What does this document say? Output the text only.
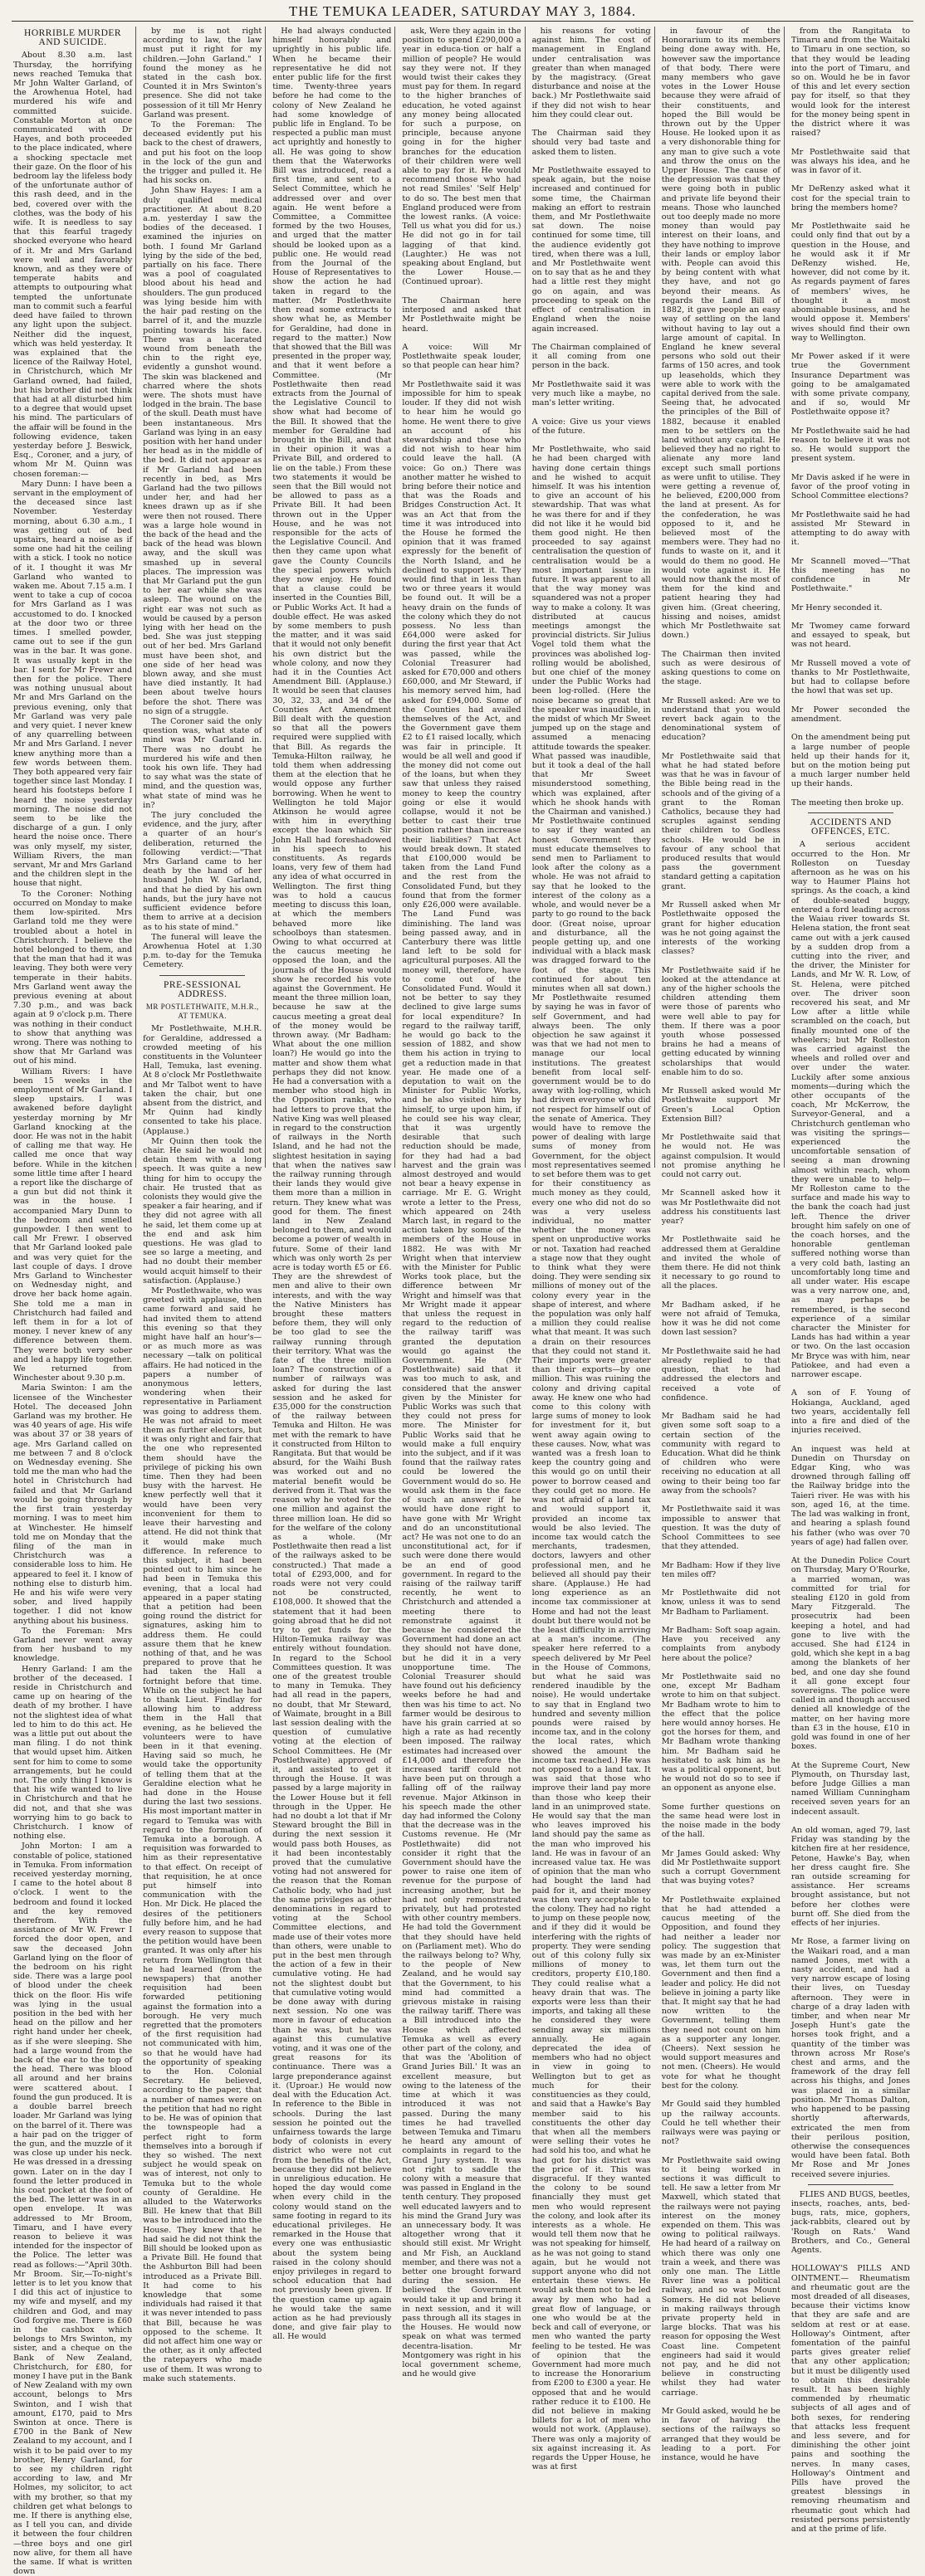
THE TEMUKA LEADER, SATURDAY MAY 3, 1884.
HORRIBLE MURDER AND SUICIDE.

About 8.30 a.m. last Thursday, the horrifying news reached Temuka that Mr John Walter Garland, of the Arowhenua Hotel, had murdered his wife and committed suicide. Constable Morton at once communicated with Dr Hayes, and both proceeded to the place indicated, where a shocking spectacle met their gaze. On the floor of his bedroom lay the lifeless body of the unfortunate author of this rash deed, and in the bed, covered over with the clothes, was the body of his wife. It is needless to say that this fearful tragedy shocked everyone who heard of it. Mr and Mrs Garland were well and favorably known, and as they were of temperate habits and attempts to outpouring what tempted the unfortunate man to commit such a fearful deed have failed to thrown any light upon the subject. Neither did the inquest, which was held yesterday. It was explained that the licence of the Railway Hotel, in Christchurch, which Mr Garland owned, had failed, but his brother did not think that had at all disturbed him to a degree that would upset his mind. The particulars of the affair will be found in the following evidence, taken yesterday before J. Beswick, Esq., Coroner, and a jury, of whom Mr M. Quinn was chosen foreman:—

Mary Dunn: I have been a servant in the employment of the deceased since last November. Yesterday morning, about 6.30 a.m., I was getting out of bed upstairs, heard a noise as if some one had hit the ceiling with a stick. I took no notice of it. I thought it was Mr Garland who wanted to waken me. About 7.15 a.m. I went to take a cup of cocoa for Mrs Garland as I was accustomed to do. I knocked at the door two or three times. I smelled powder, came out to see if the gun was in the bar. It was gone. It was usually kept in the bar. I sent for Mr Frewr and then for the police. There was nothing unusual about Mr and Mrs Garland on the previous evening, only that Mr Garland was very pale and very quiet. I never knew of any quarrelling between Mr and Mrs Garland. I never knew anything more than a few words between them. They both appeared very fair together since last Monday. I heard his footsteps before I heard the noise yesterday morning. The noise did not seem to be like the discharge of a gun. I only heard the noise once. There was only myself, my sister, William Rivers, the man servant, Mr and Mrs Garland and the children slept in the house that night.

To the Coroner: Nothing occurred on Monday to make them low-spirited. Mrs Garland told me they were troubled about a hotel in Christchurch. I believe the hotel belonged to them, and that the man that had it was leaving. They both were very temperate in their habits. Mrs Garland went away the previous evening at about 7.30 p.m., and was back again at 9 o'clock p.m. There was nothing in their conduct to show that anything was wrong. There was nothing to show that Mr Garland was out of his mind.

William Rivers: I have been 15 weeks in the employment of Mr Garland. I sleep upstairs. I was awakened before daylight yesterday morning by Mr Garland knocking at the door. He was not in the habit of calling me that way. He called me once that way before. While in the kitchen some little time after I heard a report like the discharge of a gun but did not think it was in the house. I accompanied Mary Dunn to the bedroom and smelled gunpowder. I then went to call Mr Frewr. I observed that Mr Garland looked pale and was very quiet for the last couple of days. I drove Mrs Garland to Winchester on Wednesday night, and drove her back home again. She told me a man in Christchurch had failed and left them in for a lot of money. I never knew of any difference between them. They were both very sober and led a happy life together. We returned from Winchester about 9.30 p.m.

Maria Swinton: I am the licensee of the Winchester Hotel. The deceased John Garland was my brother. He was 40 years of age. His wife was about 37 or 38 years of age. Mrs Garland called on me between 7 and 8 o'clock on Wednesday evening. She told me the man who had the hotel in Christchurch had failed and that Mr Garland would be going through by the first train yesterday morning. I was to meet him at Winchester. He himself told me on Monday that the filing of the man in Christchurch was a considerable loss to him. He appeared to feel it. I know of nothing else to disturb him. He and his wife were very sober, and lived happily together. I did not know anything about his business.

To the Foreman: Mrs Garland never went away from her husband to my knowledge.

Henry Garland: I am the brother of the deceased. I reside in Christchurch and came up on hearing of the death of my brother. I have not the slightest idea of what led to him to do this act. He was a little put out about the man filing. I do not think that would upset him. Aitken sent for him to come to some arrangements, but he could not. The only thing I know is that his wife wanted to live in Christchurch and that he did not, and that she was worrying him to go back to Christchurch. I know of nothing else.

John Morton: I am a constable of police, stationed in Temuka. From information received yesterday morning, I came to the hotel about 8 o'clock. I went to the bedroom and found it locked and the key removed therefrom. With the assistance of Mr W. Frewr I forced the door open, and saw the deceased John Garland lying on the floor of the bedroom on his right side. There was a large pool of blood under the cheek thick on the floor. His wife was lying in the usual position in the bed with her head on the pillow and her right hand under her cheek, as if she were sleeping. She had a large wound from the back of the ear to the top of the head. There was blood all around and her brains were scattered about. I found the gun produced. It is a double barrel breech loader. Mr Garland was lying on the barrel of it. There was a hair pad on the trigger of the gun, and the muzzle of it was close up under his neck. He was dressed in a dressing gown. Later on in the day I found the letter produced in his coat pocket at the foot of the bed. The letter was in an open envelope. It was addressed to Mr Broom, Timaru, and I have every reason to believe it was intended for the inspector of the Police. The letter was read as follows:—"April 30th. Mr Broom. Sir,—To-night's letter is to let you know that I did this act of injustice to my wife and myself, and my children and God, and may God forgive me. There is £60 in the cashbox which belongs to Mrs Swinton, my sister, and a cheque on the Bank of New Zealand, Christchurch, for £80, for money I have put in the Bank of New Zealand with my own account, belongs to Mrs Swinton, and I wish that amount, £170, paid to Mrs Swinton at once. There is £700 in the Bank of New Zealand to my account, and I wish it to be paid over to my brother, Henry Garland, for to see my children right according to law, and Mr Holmes, my solicitor, to act with my brother, so that my children get what belongs to me. If there is anything else, as I tell you can, and divide it between the four children —three boys and one girl now alive, for them all have the same. If what is written down

by me is not right according to law, the law must put it right for my children.—John Garland." I found the money as he stated in the cash box. Counted it in Mrs Swinton's presence. She did not take possession of it till Mr Henry Garland was present.

To the Foreman: The deceased evidently put his back to the chest of drawers, and put his foot on the loop in the lock of the gun and the trigger and pulled it. He had his socks on.

John Shaw Hayes: I am a duly qualified medical practitioner. At about 8.20 a.m. yesterday I saw the bodies of the deceased. I examined the injuries on both. I found Mr Garland lying by the side of the bed, partially on his face. There was a pool of coagulated blood about his head and shoulders. The gun produced was lying beside him with the hair pad resting on the barrel of it, and the muzzle pointing towards his face. There was a lacerated wound from beneath the chin to the right eye, evidently a gunshot wound. The skin was blackened and charred where the shots were. The shots must have lodged in the brain. The base of the skull. Death must have been instantaneous. Mrs Garland was lying in an easy position with her hand under her head as in the middle of the bed. It did not appear as if Mr Garland had been recently in bed, as Mrs Garland had the two pillows under her, and had her knees drawn up as if she were then not roused. There was a large hole wound in the back of the head and the back of the head was blown away, and the skull was smashed up in several places. The impression was that Mr Garland put the gun to her ear while she was asleep. The wound on the right ear was not such as would be caused by a person lying with her head on the bed. She was just stepping out of her bed. Mrs Garland must have been shot, and one side of her head was blown away, and she must have died instantly. It had been about twelve hours before the shot. There was no sign of a struggle.

The Coroner said the only question was, what state of mind was Mr Garland in. There was no doubt he murdered his wife and then took his own life. They had to say what was the state of mind, and the question was, what state of mind was he in?

The jury concluded the evidence, and the jury, after a quarter of an hour's deliberation, returned the following verdict:—"That Mrs Garland came to her death by the hand of her husband John W. Garland, and that he died by his own hands, but the jury have not sufficient evidence before them to arrive at a decision as to his state of mind."

The funeral will leave the Arowhenua Hotel at 1.30 p.m. to-day for the Temuka Cemetery.

PRE-SESSIONAL ADDRESS.
MR POSTLETHWAITE, M.H.R., AT TEMUKA.

Mr Postlethwaite, M.H.R. for Geraldine, addressed a crowded meeting of his constituents in the Volunteer Hall, Temuka, last evening. At 8 o'clock Mr Postlethwaite and Mr Talbot went to have taken the chair, but one absent from the district, and Mr Quinn had kindly consented to take his place. (Applause.)

Mr Quinn then took the chair. He said he would not detain them with a long speech. It was quite a new thing for him to occupy the chair. He trusted that as colonists they would give the speaker a fair hearing, and if they did not agree with all he said, let them come up at the end and ask him questions. He was glad to see so large a meeting, and had no doubt their member would acquit himself to their satisfaction. (Applause.)

Mr Postlethwaite, who was greeted with applause, then came forward and said he had invited them to attend this evening so that they might have half an hour's—or as much more as was necessary —talk on political affairs. He had noticed in the papers a number of anonymous letters, wondering when their representative in Parliament was going to address them. He was not afraid to meet them as further electors, but it was only right and fair that the one who represented them should have the privilege of picking his own time. Then they had been busy with the harvest. He knew perfectly well that it would have been very inconvenient for them to leave their harvesting and attend. He did not think that it would make much difference. In reference to this subject, it had been pointed out to him since he had been in Temuka this evening, that a local had appeared in a paper stating that a petition had been going round the district for signatures, asking him to address them. He could assure them that he knew nothing of that, and he was prepared to prove that he had taken the Hall a fortnight before that time. While on the subject he had to thank Lieut. Findlay for allowing him to address them in the Hall that evening, as he believed the volunteers were to have been in it that evening. Having said so much, he would take the opportunity of telling them that at the Geraldine election what he had done in the House during the last two sessions. His most important matter in regard to Temuka was with regard to the formation of Temuka into a borough. A requisition was forwarded to him as their representative to that effect. On receipt of that requisition, he at once put himself into communication with the Hon. Mr Dick. He placed the desires of the petitioners fully before him, and he had every reason to suppose that the petition would have been granted. It was only after his return from Wellington that he had learned (from the newspapers) that another requisition had been forwarded petitioning against the formation into a borough. He very much regretted that the promoters of the first requisition had not communicated with him, so that he would have had the opportunity of speaking to the Hon. Colonial Secretary. He believed, according to the paper, that a number of names were on the petition that had no right to be. He was of opinion that the townspeople had a perfect right to form themselves into a borough if they so wished. The next subject he would speak on was of interest, not only to Temuka but to the whole county of Geraldine. He alluded to the Waterworks Bill. He knew that that Bill was to be introduced into the House. They knew that he had said he did not think the Bill should be looked upon as a Private Bill. He found that the Ashburton Bill had been introduced as a Private Bill. It had come to his knowledge that some individuals had raised it that it was never intended to pass that Bill, because he was opposed to the scheme. It did not affect him one way or the other, as it only affected the ratepayers who made use of them. It was wrong to make such statements.

He had always conducted himself honorably and uprightly in his public life. When he became their representative he did not enter public life for the first time. Twenty-three years before he had come to the colony of New Zealand he had some knowledge of public life in England. To be respected a public man must act uprightly and honestly to all. He was going to show them that the Waterworks Bill was introduced, read a first time, and sent to a Select Committee, which he addressed over and over again. He went before a Committee, a Committee formed by the two Houses, and urged that the matter should be looked upon as a public one. He would read from the Journal of the House of Representatives to show the action he had taken in regard to the matter. (Mr Postlethwaite then read some extracts to show what he, as Member for Geraldine, had done in regard to the matter.) Now that showed that the Bill was presented in the proper way, and that it went before a Committee. (Mr Postlethwaite then read extracts from the Journal of the Legislative Council to show what had become of the Bill. It showed that the member for Geraldine had brought in the Bill, and that in their opinion it was a Private Bill, and ordered to lie on the table.) From these two statements it would be seen that the Bill would not be allowed to pass as a Private Bill. It had been thrown out in the Upper House, and he was not responsible for the acts of the Legislative Council. And then they came upon what gave the County Councils the special powers which they now enjoy. He found that a clause could be inserted in the Counties Bill, or Public Works Act. It had a double effect. He was asked by some members to push the matter, and it was said that it would not only benefit his own district but the whole colony, and now they had it in the Counties Act Amendment Bill. (Applause.) It would be seen that clauses 30, 32, 33, and 34 of the Counties Act Amendment Bill dealt with the question so that all the powers required were supplied with that Bill. As regards the Temuka-Hilton railway, he told them when addressing them at the election that he would oppose any further borrowing. When he went to Wellington he told Major Atkinson he would agree with him in everything except the loan which Sir John Hall had foreshadowed in his speech to his constituents. As regards loans, very few of them had any idea of what occurred in Wellington. The first thing was to hold a caucus meeting to discuss this loan, at which the members behaved more like schoolboys than statesmen. Owing to what occurred at the caucus meeting he opposed the loan, and the journals of the House would show he recorded his vote against the Government. He meant the three million loan, because he saw at the caucus meeting a great deal of the money would be thrown away. (Mr Badham: What about the one million loan?) He would go into the matter and show them what perhaps they did not know. He had a conversation with a member who stood high in the Opposition ranks, who had letters to prove that the Native King was well pleased in regard to the construction of railways in the North Island, and he had not the slightest hesitation in saying that when the natives saw the railway running through their lands they would give them more than a million in return. They knew what was good for them. The finest land in New Zealand belonged to them, and would become a power of wealth in future. Some of their land which was only worth 2s per acre is today worth £5 or £6. They are the shrewdest of men and alive to their own interests, and with the way the Native Ministers has brought these matters before them, they will only be too glad to see the railway running through their territory. What was the fate of the three million loan? The construction of a number of railways was asked for during the last session and he asked for £35,000 for the construction of the railway between Temuka and Hilton. He was met with the remark to have it constructed from Hilton to Rangitata. But that would be absurd, for the Waihi Bush was worked out and no material benefit would be derived from it. That was the reason why he voted for the one million and against the three million loan. He did so for the welfare of the colony as a whole. (Mr Postlethwaite then read a list of the railways asked to be constructed.) That made a total of £293,000, and for roads were not very could not be constructed, £108,000. It showed that the statement that it had been going abroad that he did not try to get funds for the Hilton-Temuka railway was entirely without foundation. In regard to the School Committees question. It was one of the greatest trouble to many in Temuka. They had all read in the papers, no doubt, that Mr Steward, of Waimate, brought in a Bill last session dealing with the question of cumulative voting at the election of School Committees. He (Mr Postlethwaite) approved of it, and assisted to get it through the House. It was passed by a large majority in the Lower House but it fell through in the Upper. He had no doubt a lot that if Mr Steward brought the Bill in during the next session it would pass both Houses, as it had been incontestably proved that the cumulative voting had not answered for the reason that the Roman Catholic body, who had just the same privileges as other denominations in regard to voting at the School Committee elections, and made use of their votes more than others, were unable to put in the best men through the action of a few in their cumulative voting. He had not the slightest doubt but that cumulative voting would be done away with during next session. No one was more in favour of education than he was, but he was against this cumulative voting, and it was one of the great reasons for its continuance. There was a large preponderance against it. (Uproar.) He would now deal with the Education Act. In reference to the Bible in schools. During the last session he pointed out the unfairness towards the large body of colonists in every district who were not cut from the benefits of the Act, because they did not believe in unreligious education. He hoped the day would come when every child in the colony would stand on the same footing in regard to its educational privileges. He remarked in the House that every one was enthusiastic about the system being raised in the colony should enjoy privileges in regard to school education that had not previously been given. If the question came up again he would take the same action as he had previously done, and give fair play to all. He would

ask, Were they again in the position to spend £290,000 a year in educa-tion or half a million of people? He would say they were not. If they would twist their cakes they must pay for them. In regard to the higher branches of education, he voted against any money being allocated for such a purpose, on principle, because anyone going in for the higher branches for the education of their children were well able to pay for it. He would recommend those who had not read Smiles' 'Self Help' to do so. The best men that England produced were from the lowest ranks. (A voice: Tell us what you did for us.) He did not go in for tail lagging of that kind. (Laughter.) He was not speaking about England, but the Lower House.—(Continued uproar).

The Chairman here interposed and asked that Mr Postlethwaite might be heard.

A voice: Will Mr Postlethwaite speak louder, so that people can hear him?

Mr Postlethwaite said it was impossible for him to speak louder. If they did not wish to hear him he would go home. He went there to give an account of his stewardship and those who did not wish to hear him could leave the hall. (A voice: Go on.) There was another matter he wished to bring before their notice and that was the Roads and Bridges Construction Act. It was an Act that from the time it was introduced into the House he formed the opinion that it was framed expressly for the benefit of the North Island, and he declined to support it. They would find that in less than two or three years it would be found out. It will be a heavy drain on the funds of the colony which they do not possess. No less than £64,000 were asked for during the first year that Act was passed, while the Colonial Treasurer had asked for £70,000 and others £60,000, and Mr Steward, if his memory served him, had asked for £94,000. Some of the Counties had availed themselves of the Act, and the Government gave them £2 to £1 raised locally, which was fair in principle. It would be all well and good if the money did not come out of the loans, but when they saw that unless they raised money to keep the country going or else it would collapse, would it not be better to cast their true position rather than increase their liabilities? That Act would break down. It stated that £100,000 would be taken from the Land Fund and the rest from the Consolidated Fund, but they found that from the former only £26,000 were available. The Land Fund was diminishing. The land was being passed away, and in Canterbury there was little land left to be sold for agricultural purposes. All the money will, therefore, have to come out of the Consolidated Fund. Would it not be better to say they declined to give large sums for local expenditure? In regard to the railway tariff, he would go back to the session of 1882, and show them his action in trying to get a reduction made in that year. He made one of a deputation to wait on the Minister for Public Works, and he also visited him by himself, to urge upon him, if he could see his way clear, that it was urgently desirable that such reduction should be made, for they had had a bad harvest and the grain was almost destroyed and would not bear a heavy expense in carriage. Mr E. G. Wright wrote a letter to the Press, which appeared on 24th March last, in regard to the action taken by some of the members of the House in 1882. He was with Mr Wright when that interview with the Minister for Public Works took place, but the difference between Mr Wright and himself was that Mr Wright made it appear that unless the request in regard to the reduction of the railway tariff was granted the deputation would go against the Government. He (Mr Postlethwaite) said that it was too much to ask, and considered that the answer given by the Minister for Public Works was such that they could not press for more. The Minister for Public Works said that he would make a full enquiry into the subject, and if it was found that the railway rates could be lowered the Government would do so. He would ask them in the face of such an answer if he would have done right to have gone with Mr Wright and do an unconstitutional act? He was not one to do an unconstitutional act, for if such were done there would be an end of good government. In regard to the raising of the railway tariff recently, he went to Christchurch and attended a meeting there to remonstrate against it because he considered the Government had done an act they should not have done, but he did it in a very unopportune time. The Colonial Treasurer should have found out his deficiency weeks before he had and then was his time to act. No farmer would be desirous to have his grain carried at so high a rate as had recently been imposed. The railway estimates had increased over £14,000 and therefore the increased tariff could not have been put on through a falling off of the railway revenue. Major Atkinson in his speech made the other day had informed the Colony that the decrease was in the Customs revenue. He (Mr Postlethwaite) did not consider it right that the Government should have the power to raise one item of revenue for the purpose of increasing another, but he had not only remonstrated privately, but had protested with other country members. He had told the Government that they should have held on (Parliament met). Who do the railways belong to? Why, to the people of New Zealand, and he would say that the Government, to his mind had committed a grievous mistake in raising the railway tariff. There was a Bill introduced into the House which affected Temuka as well as every other part of the colony, and that was the 'Abolition of Grand Juries Bill.' It was an excellent measure, but owing to the lateness of the time at which it was introduced it was not passed. During the many times he had travelled between Temuka and Timaru he heard any amount of complaints in regard to the Grand Jury system. It was not right to saddle the colony with a measure that was passed in England in the tenth century. They proposed well educated lawyers and to his mind the Grand Jury was an unnecessary body. It was altogether wrong that it should still exist. Mr Wright and Mr Fish, an Auckland member, and there was not a better one brought forward during the session. He believed the Government would take it up and bring it in next session, and it will pass through all its stages in the Houses. He would now speak on what was termed decentra-lisation. Mr Montgomery was right in his local government scheme, and he would give

his reasons for voting against him. The cost of management in England under centralisation was greater than when managed by the magistracy. (Great disturbance and noise at the back.) Mr Postlethwaite said if they did not wish to hear him they could clear out.

The Chairman said they should very bad taste and asked them to listen.

Mr Postlethwaite essayed to speak again, but the noise increased and continued for some time, the Chairman making an effort to restrain them, and Mr Postlethwaite sat down. The noise continued for some time, till the audience evidently got tired, when there was a lull, and Mr Postlethwaite went on to say that as he and they had a little rest they might go on again, and was proceeding to speak on the effect of centralisation in England when the noise again increased.

The Chairman complained of it all coming from one person in the back.

Mr Postlethwaite said it was very much like a maybe, no man's letter writing.

A voice: Give us your views of the future.

Mr Postlethwaite, who said he had been charged with having done certain things and he wished to acquit himself. It was his intention to give an account of his stewardship. That was what he was there for and if they did not like it he would bid them good night. He then proceeded to say against centralisation the question of centralisation would be a most important issue in future. It was apparent to all that the way money was squandered was not a proper way to make a colony. It was distributed at caucus meetings amongst the provincial districts. Sir Julius Vogel told them what the provinces was abolished log-rolling would be abolished, but one chief of the money under the Public Works had been log-rolled. (Here the noise became so great that the speaker was inaudible, in the midst of which Mr Sweet jumped up on the stage and assumed a menacing attitude towards the speaker. What passed was inaudible, but it took a deal of the hall that Mr Sweet misunderstood something, which was explained, after which he shook hands with the Chairman and vanished.) Mr Postlethwaite continued to say if they wanted an honest Government they must educate themselves to send men to Parliament to look after the colony as a whole. He was not afraid to say that he looked to the interest of the colony as a whole, and would never be a party to go round to the back door. (Great noise, uproar and disturbance, all the people getting up, and one individual with a black mask was dragged forward to the foot of the stage. This continued for about ten minutes when all sat down.) Mr Postlethwaite resumed by saying he was in favor of self Government, and had always been. The only objection he saw against it was that we had not men to manage our local institutions. The greatest benefit from local self-government would be to do away with log-rolling, which had driven everyone who did not respect for himself out of the senate of America. They would have to remove the power of dealing with large sums of money from Government, for the object most representatives seemed to set before them was to get for their constituency as much money as they could, every one who did not do so was a very useless individual, no matter whether the money was spent on unproductive works or not. Taxation had reached a stage now that they ought to think what they were doing. They were sending six millions of money out of the colony every year in the shape of interest, and where the population was only half a million they could realise what that meant. It was such a drain on their resources that they could not stand it. Their imports were greater than their exports—by one million. This was ruining the colony and driving capital away. He knew one who had come to this colony with large sums of money to look for investment for it, but went away again owing to these causes. Now, what was wanted was a fresh loan to keep the country going and this would go on until their power to borrow ceased and they could get no more. He was not afraid of a land tax and would support it, provided an income tax would be also levied. The income tax would catch the merchants, tradesmen, doctors, lawyers and other professional men, and he believed all should pay their share. (Applause.) He had long experience as an income tax commissioner at Home and had not the least doubt but there would not be the least difficulty in arriving at a man's income. (The speaker here referred to a speech delivered by Mr Peel in the House of Commons, but what he said was rendered inaudible by the noise). He would undertake to say that in England two hundred and seventy million pounds were raised by income tax, and in the colony the local rates, which showed the amount the income tax reached.) He was not opposed to a land tax. It was said that those who improve their land pay more than those who keep their land in an unimproved state. He would say that the man who leaves improved his land should pay the same as the man who improved his land. He was in favour of an increased value tax. He was of opinion that the man who had bought the land had paid for it, and their money was then very acceptable to the colony. They had no right to jump on these people now, and if they did it would be interfering with the rights of property. They were sending out of this colony fully six millions of money to creditors, property £10,180. They could realise what a heavy drain that was. The exports were less than their imports, and taking all these he considered they were sending away six millions annually. He again deprecated the idea of members who had no object in view in going to Wellington but to get as much for their constituencies as they could, and said that a Hawke's Bay member said to his constituents the other day that when all the members were selling their votes he had sold his too, and what he had got for his district was the price of it. This was disgraceful. If they wanted the colony to be sound financially they must get men who would represent the colony, and look after its interests as a whole. He would tell them now that he was not speaking for himself, as he was not going to stand again, but he would not support anyone who did not entertain these views. He would ask them not to be led away by men who had a great flow of language, or one who would be at the beck and call of everyone, or men who wanted the party feeling to be tested. He was of opinion that the Government had more much to increase the Honorarium from £200 to £300 a year. He opposed that and he would rather reduce it to £100. He did not believe in making billets for a lot of men who would not work. (Applause). There was only a majority of six against increasing it. As regards the Upper House, he was at first

in favour of the Honorarium to its members being done away with. He, however saw the importance of that body. There were many members who gave votes in the Lower House because they were afraid of their constituents, and hoped the Bill would be thrown out by the Upper House. He looked upon it as a very dishonorable thing for any man to give such a vote and throw the onus on the Upper House. The cause of the depression was that they were going both in public and private life beyond their means. Those who launched out too deeply made no more money than would pay interest on their loans, and they have nothing to improve their lands or employ labor with. People can avoid this by being content with what they have, and not go beyond their means. As regards the Land Bill of 1882, it gave people an easy way of settling on the land without having to lay out a large amount of capital. In England he knew several persons who sold out their farms of 150 acres, and took up leaseholds, which they were able to work with the capital derived from the sale. Seeing that, he advocated the principles of the Bill of 1882, because it enabled men to be settlers on the land without any capital. He believed they had no right to alienate any more land except such small portions as were unfit to utilise. They were getting a revenue of, he believed, £200,000 from the land at present. As for the confederation, he was opposed to it, and he believed most of the members were. They had no funds to waste on it, and it would do them no good. He would vote against it. He would now thank the most of them for the kind and patient hearing they had given him. (Great cheering, hissing and noises, amidst which Mr Postlethwaite sat down.)

The Chairman then invited such as were desirous of asking questions to come on the stage.

Mr Russell asked: Are we to understand that you would revert back again to the denominational system of education?

Mr Postlethwaite said that what he had stated before was that he was in favour of the Bible being read in the schools and of the giving of a grant to the Roman Catholics, because they had scruples against sending their children to Godless schools. He would be in favour of any school that produced results that would pass the government standard getting a capitation grant.

Mr Russell asked when Mr Postlethwaite opposed the grant for higher education was he not going against the interests of the working classes?

Mr Postlethwaite said if he looked at the attendance at any of the higher schools the children attending them were those of parents who were well able to pay for them. If there was a poor youth whose possessed brains he had a means of getting educated by winning scholarships that would enable him to do so.

Mr Russell asked would Mr Postlethwaite support Mr Green's Local Option Extension Bill?

Mr Postlethwaite said that he would not. He was against compulsion. It would not promise anything he could not carry out.

Mr Scannell asked how it was Mr Postlethwaite did not address his constituents last year?

Mr Postlethwaite said he addressed them at Geraldine and invited the whole of them there. He did not think it necessary to go round to all the places.

Mr Badham asked, if he were not afraid of Temuka, how it was he did not come down last session?

Mr Postlethwaite said he had already replied to that question, that he had addressed the electors and received a vote of confidence.

Mr Badham said he had given some soft soap to a certain section of the community with regard to Education. What did he think of children who were receiving no education at all owing to their being too far away from the schools?

Mr Postlethwaite said it was impossible to answer that question. It was the duty of School Committees to see that they attended.

Mr Badham: How if they live ten miles off?

Mr Postlethwaite did not know, unless it was to send Mr Badham to Parliament.

Mr Badham: Soft soap again. Have you received any complaints from anybody here about the police?

Mr Postlethwaite said no one, except Mr Badham wrote to him on that subject. Mr Badham wrote to him to the effect that the police here would annoy horses. He got the horses for them, and Mr Badham wrote thanking him. Mr Badham said he hesitated to ask him as he was a political opponent, but he would not do so to see if an opponent as anyone else.

Some further questions on the same head were lost in the noise made in the body of the hall.

Mr James Gould asked: Why did Mr Postlethwaite support such a corrupt Government that was buying votes?

Mr Postlethwaite explained that he had attended a caucus meeting of the Opposition, and found they had neither a leader nor policy. The suggestion that was made by an ex-Minister was, let them turn out the Government and then find a leader and policy. He did not believe in joining a party like that. It might say that he had now written to the Government, telling them they need not count on him as a supporter any longer. (Cheers). Next session he would support measures and not men. (Cheers). He would vote for what he thought best for the colony.

Mr Gould said they humbled up the railway accounts. Could he tell whether their railways were was paying or not?

Mr Postlethwaite said owing to it being worked in sections it was difficult to tell. He saw a letter from Mr Maxwell, which stated that the railways were not paying interest on the money expended on them. This was owing to political railways. He had heard of a railway on which there was only one train a week, and there was only one man. The Little River line was a political railway, and so was Mount Somers. He did not believe in making railways through private property held in large blocks. That was his reason for opposing the West Coast line. Competent engineers had said it would not pay, and he did not believe in constructing whilst they had water carriage.

Mr Gould asked, would he be in favor of having the sections of the railways so arranged that they would be leading to a port. For instance, would he have

from the Rangitata to Timaru and from the Waitaki to Timaru in one section, so that they would be leading into the port of Timaru, and so on. Would he be in favor of this and let every section pay for itself, so that they would look for the interest for the money being spent in the district where it was raised?

Mr Postlethwaite said that was always his idea, and he was in favor of it.

Mr DeRenzy asked what it cost for the special train to bring the members home?

Mr Postlethwaite said he could only find that out by a question in the House, and he would ask it if Mr DeRenzy wished. He, however, did not come by it. As regards payment of fares of members' wives, he thought it a most abominable business, and he would oppose it. Members' wives should find their own way to Wellington.

Mr Power asked if it were true the Government Insurance Department was going to be amalgamated with some private company, and if so, would Mr Postlethwaite oppose it?

Mr Postlethwaite said he had reason to believe it was not so. He would support the present system.

Mr Davis asked if he were in favor of the proof voting in School Committee elections?

Mr Postlethwaite said he had assisted Mr Steward in attempting to do away with it.

Mr Scannell moved—"That this meeting has no confidence in Mr Postlethwaite."

Mr Henry seconded it.

Mr Twomey came forward and essayed to speak, but was not heard.

Mr Russell moved a vote of thanks to Mr Postlethwaite, but had to collapse before the howl that was set up.

Mr Power seconded the amendment.

On the amendment being put a large number of people held up their hands for it, but on the motion being put a much larger number held up their hands.

The meeting then broke up.

ACCIDENTS AND OFFENCES, ETC.

A serious accident occurred to the Hon. Mr Rolleston on Tuesday afternoon as he was on his way to Haumer Plains hot springs. As the coach, a kind of double-seated buggy, entered a ford leading across the Waiau river towards St. Helena station, the front seat came out with a jerk caused by a sudden drop from a cutting into the river, and the driver, the Minister for Lands, and Mr W. R. Low, of St. Helena, were pitched over. The driver soon recovered his seat, and Mr Low after a little while scrambled on the coach, but finally mounted one of the wheelers; but Mr Rolleston was carried against the wheels and rolled over and over under the water. Luckily after some anxious moments—during which the other occupants of the coach, Mr McKerrow, the Surveyor-General, and a Christchurch gentleman who was visiting the springs—experienced the uncomfortable sensation of seeing a man drowning almost within reach, whom they were unable to help—Mr Rolleston came to the surface and made his way to the bank the coach had just left. Thence the driver brought him safely on one of the coach horses, and the honorable gentleman suffered nothing worse than a very cold bath, lasting an uncomfortably long time and all under water. His escape was a very narrow one, and, as may perhaps be remembered, is the second experience of a similar character the Minister for Lands has had within a year or two. On the last occasion Mr Bryce was with him, near Patiokee, and had even a narrower escape.

A son of F. Young of Hokianga, Auckland, aged two years, accidentally fell into a fire and died of the injuries received.

An inquest was held at Dunedin on Thursday on Edgar King, who was drowned through falling off the Railway bridge into the Taieri river. He was with his son, aged 16, at the time. The lad was walking in front, and hearing a splash found his father (who was over 70 years of age) had fallen over.

At the Dunedin Police Court on Thursday, Mary O'Rourke, a married woman, was committed for trial for stealing £120 in gold from Mary Fitzgerald. The prosecutrix had been keeping a hotel, and had gone to live with the accused. She had £124 in gold, which she kept in a bag among the blankets of her bed, and one day she found it all gone except four sovereigns. The police were called in and though accused denied all knowledge of the matter, on her having more than £3 in the house, £10 in gold was found in one of her boxes.

At the Supreme Court, New Plymouth, on Thursday last, before Judge Gillies a man named William Cunningham received seven years for an indecent assault.

An old woman, aged 79, last Friday was standing by the kitchen fire at her residence, Petone, Hawke's Bay, when her dress caught fire. She ran outside screaming for assistance. Her screams brought assistance, but not before her clothes were burnt off. She died from the effects of her injuries.

Mr Rose, a farmer living on the Waikari road, and a man named Jones, met with a nasty accident, and had a very narrow escape of losing their lives, on Tuesday afternoon. They were in charge of a dray laden with timber, and when near Mr Joseph Hunt's gate the horses took fright, and a quantity of the timber was thrown across Mr Rose's chest and arms, and the framework of the dray fell across his thighs, and Jones was placed in a similar position. Mr Thomas Dalton, who happened to be passing shortly afterwards, extricated the men from their perilous position, otherwise the consequences would have been fatal. Both Mr Rose and Mr Jones received severe injuries.

FLIES AND BUGS, beetles, insects, roaches, ants, bed-bugs, rats, mice, gophers, jack-rabbits, cleared out by 'Rough on Rats.' Wand Brothers, and Co., General Agents.

HOLLOWAY'S PILLS AND OINTMENT.— Rheumatism and rheumatic gout are the most dreaded of all diseases, because their victims know that they are safe and are seldom at rest or at ease. Holloway's Ointment, after fomentation of the painful parts gives greater relief that any other application; but it must be diligently used to obtain this desirable result. It has been highly commended by rheumatic subjects of all ages and of both sexes, for rendering that attacks less frequent and less severe, and for diminishing the other joint pains and soothing the nerves. In many cases, Holloway's Ointment and Pills have proved the greatest blessings in removing rheumatism and rheumatic gout which had resisted persons persistently and at the prime of life.
